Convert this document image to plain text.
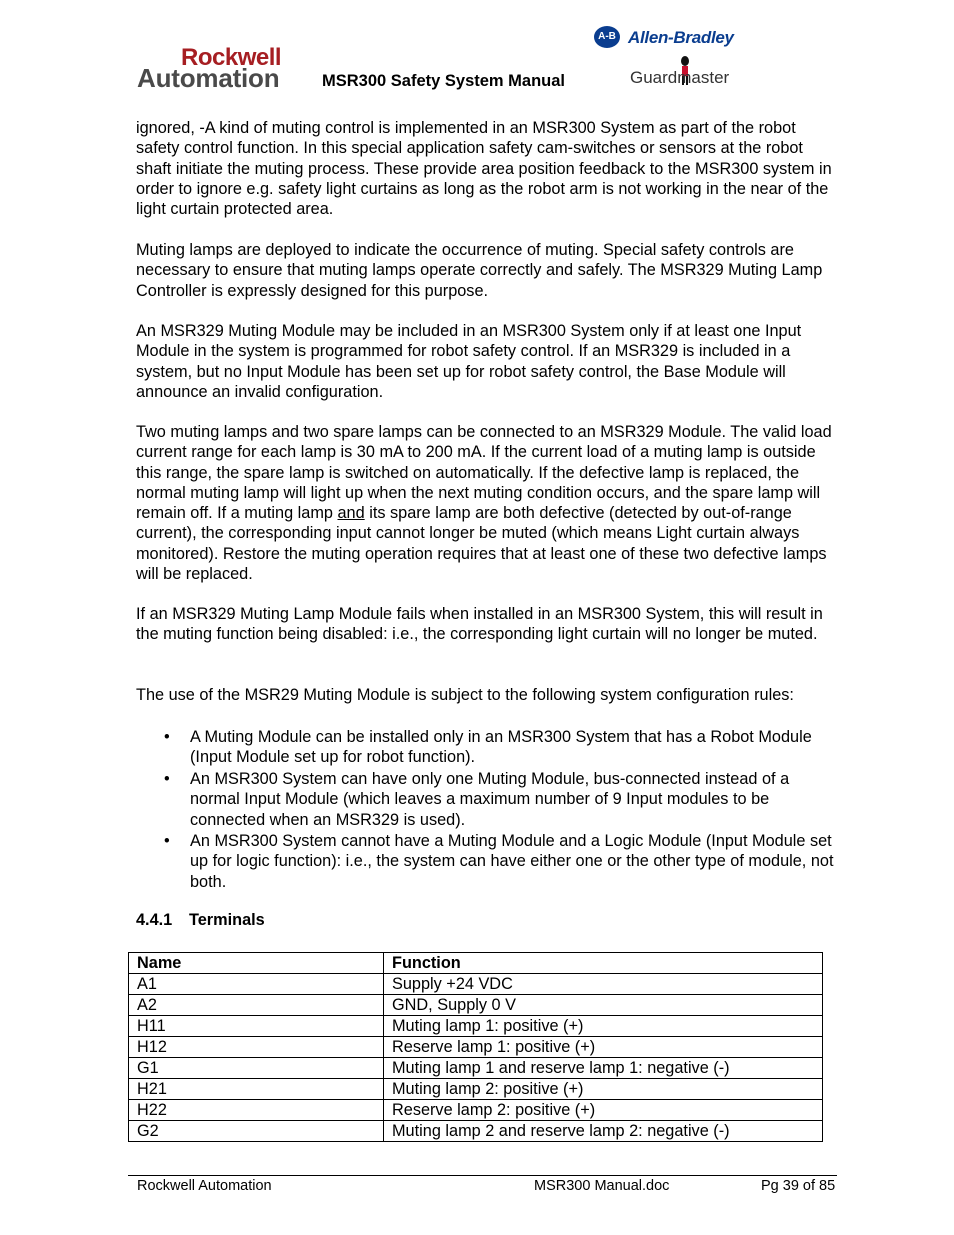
Rockwell
Automation	MSR300 Safety System Manual
A-B Allen-Bradley
Guardmaster

ignored, -A kind of muting control is implemented in an MSR300 System as part of the robot safety control function. In this special application safety cam-switches or sensors at the robot shaft initiate the muting process. These provide area position feedback to the MSR300 system in order to ignore e.g. safety light curtains as long as the robot arm is not working in the near of the light curtain protected area.

Muting lamps are deployed to indicate the occurrence of muting. Special safety controls are necessary to ensure that muting lamps operate correctly and safely. The MSR329 Muting Lamp Controller is expressly designed for this purpose.

An MSR329 Muting Module may be included in an MSR300 System only if at least one Input Module in the system is programmed for robot safety control. If an MSR329 is included in a system, but no Input Module has been set up for robot safety control, the Base Module will announce an invalid configuration.

Two muting lamps and two spare lamps can be connected to an MSR329 Module. The valid load current range for each lamp is 30 mA to 200 mA. If the current load of a muting lamp is outside this range, the spare lamp is switched on automatically. If the defective lamp is replaced, the normal muting lamp will light up when the next muting condition occurs, and the spare lamp will remain off. If a muting lamp and its spare lamp are both defective (detected by out-of-range current), the corresponding input cannot longer be muted (which means Light curtain always monitored). Restore the muting operation requires that at least one of these two defective lamps will be replaced.

If an MSR329 Muting Lamp Module fails when installed in an MSR300 System, this will result in the muting function being disabled: i.e., the corresponding light curtain will no longer be muted.

The use of the MSR29 Muting Module is subject to the following system configuration rules:

• A Muting Module can be installed only in an MSR300 System that has a Robot Module (Input Module set up for robot function).
• An MSR300 System can have only one Muting Module, bus-connected instead of a normal Input Module (which leaves a maximum number of 9 Input modules to be connected when an MSR329 is used).
• An MSR300 System cannot have a Muting Module and a Logic Module (Input Module set up for logic function): i.e., the system can have either one or the other type of module, not both.
4.4.1 Terminals
Name	Function
A1	Supply +24 VDC
A2	GND, Supply 0 V
H11	Muting lamp 1: positive (+)
H12	Reserve lamp 1: positive (+)
G1	Muting lamp 1 and reserve lamp 1: negative (-)
H21	Muting lamp 2: positive (+)
H22	Reserve lamp 2: positive (+)
G2	Muting lamp 2 and reserve lamp 2: negative (-)
Rockwell Automation	MSR300 Manual.doc	Pg 39 of 85
